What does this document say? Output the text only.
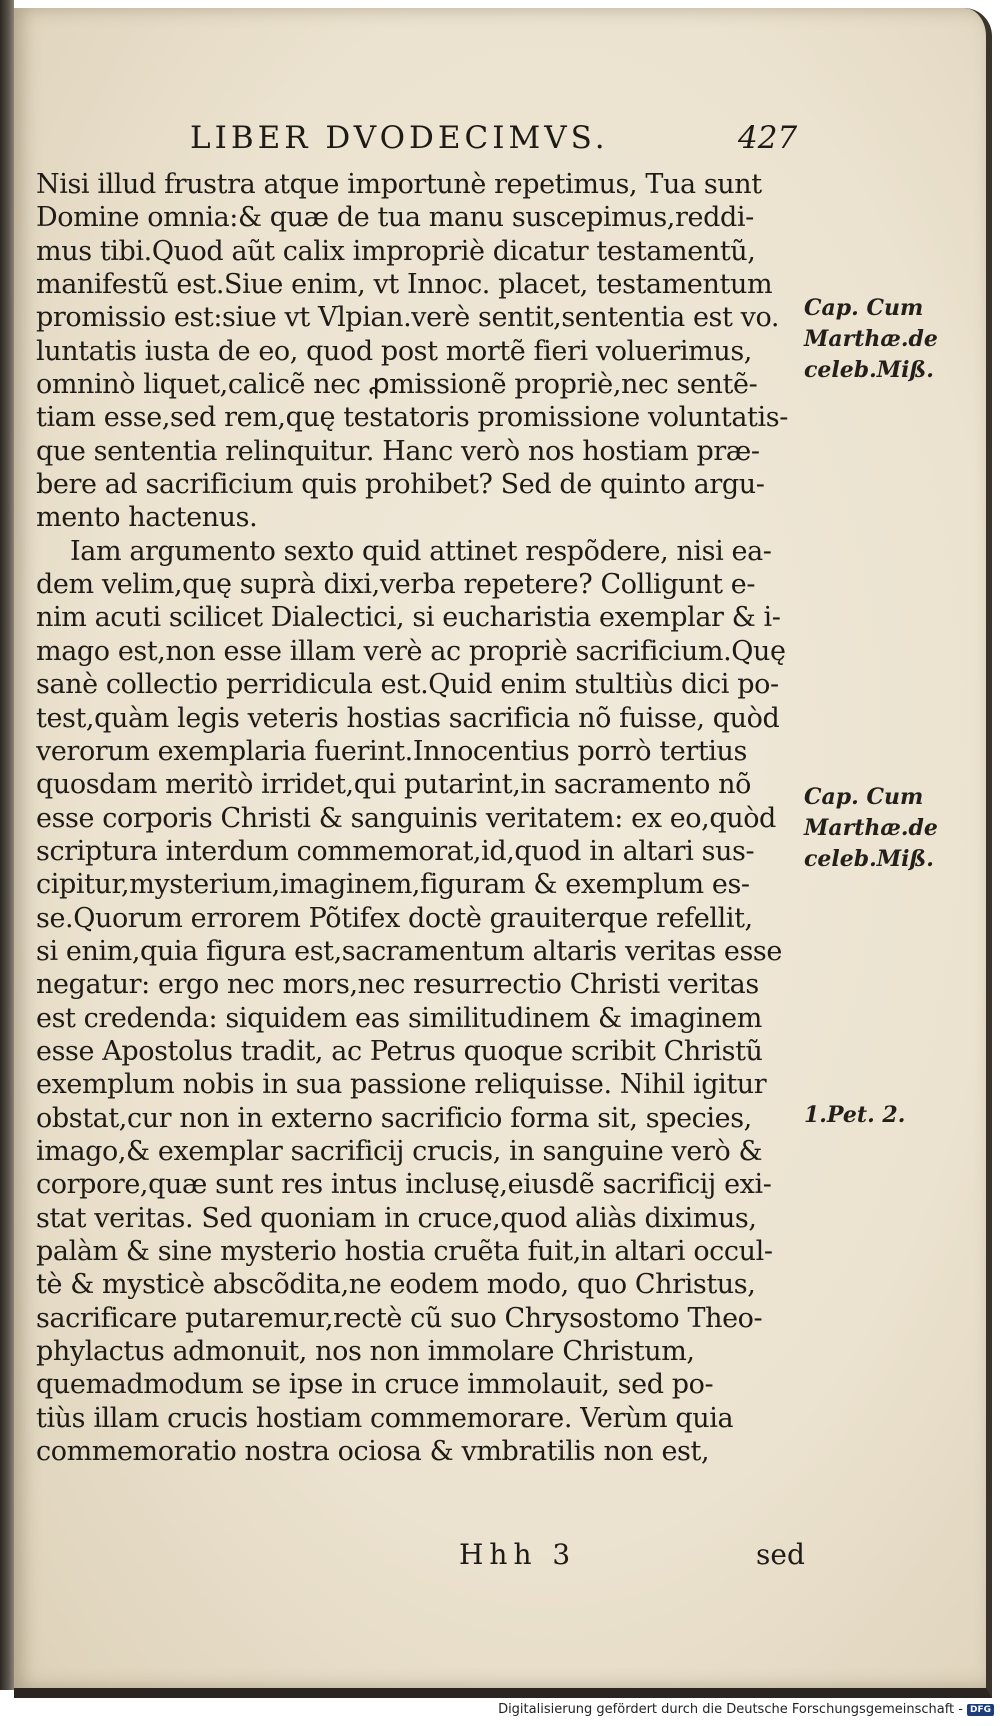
LIBER DVODECIMVS.	427
Nisi illud frustra atque importunè repetimus, Tua sunt
Domine omnia:& quæ de tua manu suscepimus,reddi-
mus tibi.Quod aũt calix impropriè dicatur testamentũ,
manifestũ est.Siue enim, vt Innoc. placet, testamentum
promissio est:siue vt Vlpian.verè sentit,sententia est vo.
luntatis iusta de eo, quod post mortẽ fieri voluerimus,
omninò liquet,calicẽ nec ꝓmissionẽ propriè,nec sentẽ-
tiam esse,sed rem,quę testatoris promissione voluntatis-
que sententia relinquitur. Hanc verò nos hostiam præ-
bere ad sacrificium quis prohibet? Sed de quinto argu-
mento hactenus.
Iam argumento sexto quid attinet respõdere, nisi ea-
dem velim,quę suprà dixi,verba repetere? Colligunt e-
nim acuti scilicet Dialectici, si eucharistia exemplar & i-
mago est,non esse illam verè ac propriè sacrificium.Quę
sanè collectio perridicula est.Quid enim stultiùs dici po-
test,quàm legis veteris hostias sacrificia nõ fuisse, quòd
verorum exemplaria fuerint.Innocentius porrò tertius
quosdam meritò irridet,qui putarint,in sacramento nõ
esse corporis Christi & sanguinis veritatem: ex eo,quòd
scriptura interdum commemorat,id,quod in altari sus-
cipitur,mysterium,imaginem,figuram & exemplum es-
se.Quorum errorem Põtifex doctè grauiterque refellit,
si enim,quia figura est,sacramentum altaris veritas esse
negatur: ergo nec mors,nec resurrectio Christi veritas
est credenda: siquidem eas similitudinem & imaginem
esse Apostolus tradit, ac Petrus quoque scribit Christũ
exemplum nobis in sua passione reliquisse. Nihil igitur
obstat,cur non in externo sacrificio forma sit, species,
imago,& exemplar sacrificij crucis, in sanguine verò &
corpore,quæ sunt res intus inclusę,eiusdẽ sacrificij exi-
stat veritas. Sed quoniam in cruce,quod aliàs diximus,
palàm & sine mysterio hostia cruẽta fuit,in altari occul-
tè & mysticè abscõdita,ne eodem modo, quo Christus,
sacrificare putaremur,rectè cũ suo Chrysostomo Theo-
phylactus admonuit, nos non immolare Christum,
quemadmodum se ipse in cruce immolauit, sed po-
tiùs illam crucis hostiam commemorare. Verùm quia
commemoratio nostra ociosa & vmbratilis non est,
Cap. Cum
Marthæ.de
celeb.Miß.
Cap. Cum
Marthæ.de
celeb.Miß.
1.Pet. 2.
Hhh 3	sed
Digitalisierung gefördert durch die Deutsche Forschungsgemeinschaft - DFG
